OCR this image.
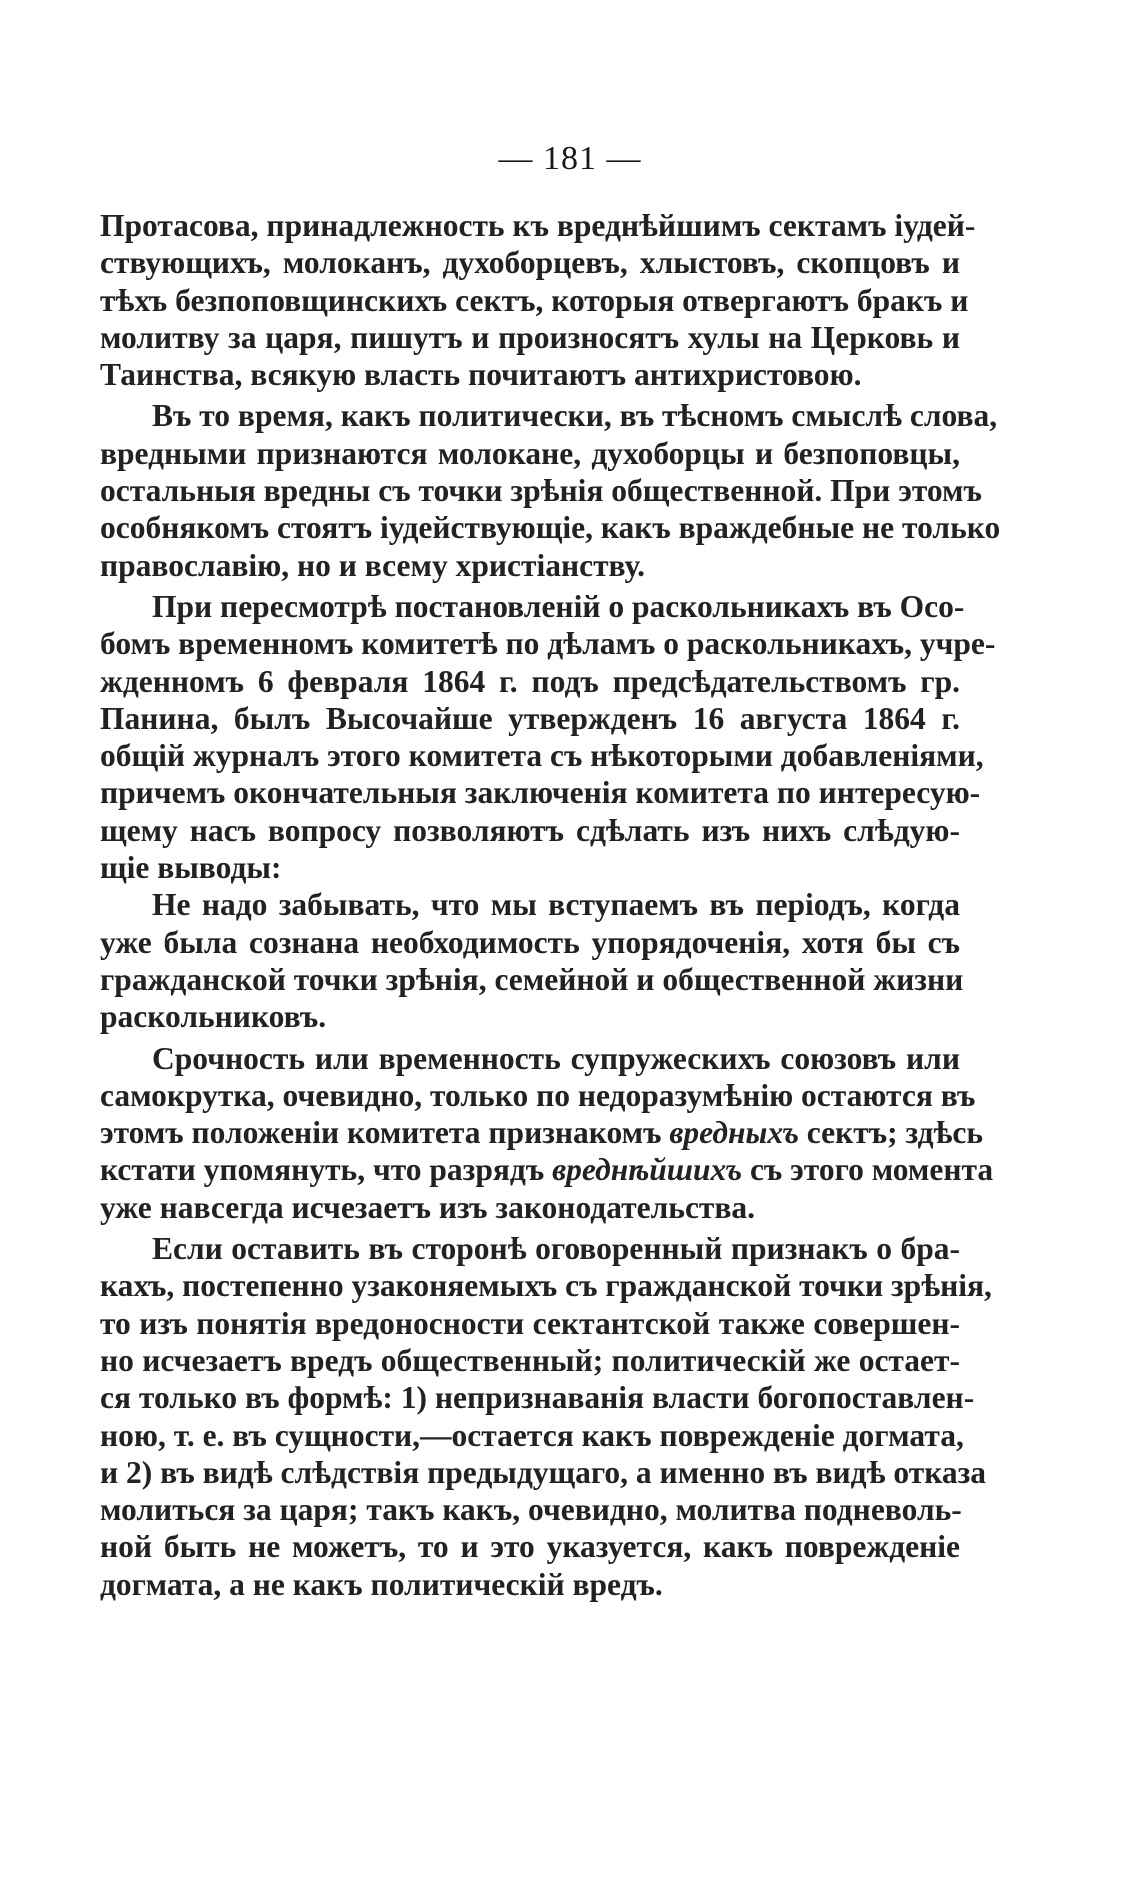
— 181 —
Протасова, принадлежность къ вреднѣйшимъ сектамъ іудей-
ствующихъ, молоканъ, духоборцевъ, хлыстовъ, скопцовъ и
тѣхъ безпоповщинскихъ сектъ, которыя отвергаютъ бракъ и
молитву за царя, пишутъ и произносятъ хулы на Церковь и
Таинства, всякую власть почитаютъ антихристовою.
Въ то время, какъ политически, въ тѣсномъ смыслѣ слова,
вредными признаются молокане, духоборцы и безпоповцы,
остальныя вредны съ точки зрѣнія общественной. При этомъ
особнякомъ стоятъ іудействующіе, какъ враждебные не только
православію, но и всему христіанству.
При пересмотрѣ постановленій о раскольникахъ въ Осо-
бомъ временномъ комитетѣ по дѣламъ о раскольникахъ, учре-
жденномъ 6 февраля 1864 г. подъ предсѣдательствомъ гр.
Панина, былъ Высочайше утвержденъ 16 августа 1864 г.
общій журналъ этого комитета съ нѣкоторыми добавленіями,
причемъ окончательныя заключенія комитета по интересую-
щему насъ вопросу позволяютъ сдѣлать изъ нихъ слѣдую-
щіе выводы:
Не надо забывать, что мы вступаемъ въ періодъ, когда
уже была сознана необходимость упорядоченія, хотя бы съ
гражданской точки зрѣнія, семейной и общественной жизни
раскольниковъ.
Срочность или временность супружескихъ союзовъ или
самокрутка, очевидно, только по недоразумѣнію остаются въ
этомъ положеніи комитета признакомъ вредныхъ сектъ; здѣсь
кстати упомянуть, что разрядъ вреднѣйшихъ съ этого момента
уже навсегда исчезаетъ изъ законодательства.
Если оставить въ сторонѣ оговоренный признакъ о бра-
кахъ, постепенно узаконяемыхъ съ гражданской точки зрѣнія,
то изъ понятія вредоносности сектантской также совершен-
но исчезаетъ вредъ общественный; политическій же остает-
ся только въ формѣ: 1) непризнаванія власти богопоставлен-
ною, т. е. въ сущности,—остается какъ поврежденіе догмата,
и 2) въ видѣ слѣдствія предыдущаго, а именно въ видѣ отказа
молиться за царя; такъ какъ, очевидно, молитва подневоль-
ной быть не можетъ, то и это указуется, какъ поврежденіе
догмата, а не какъ политическій вредъ.
